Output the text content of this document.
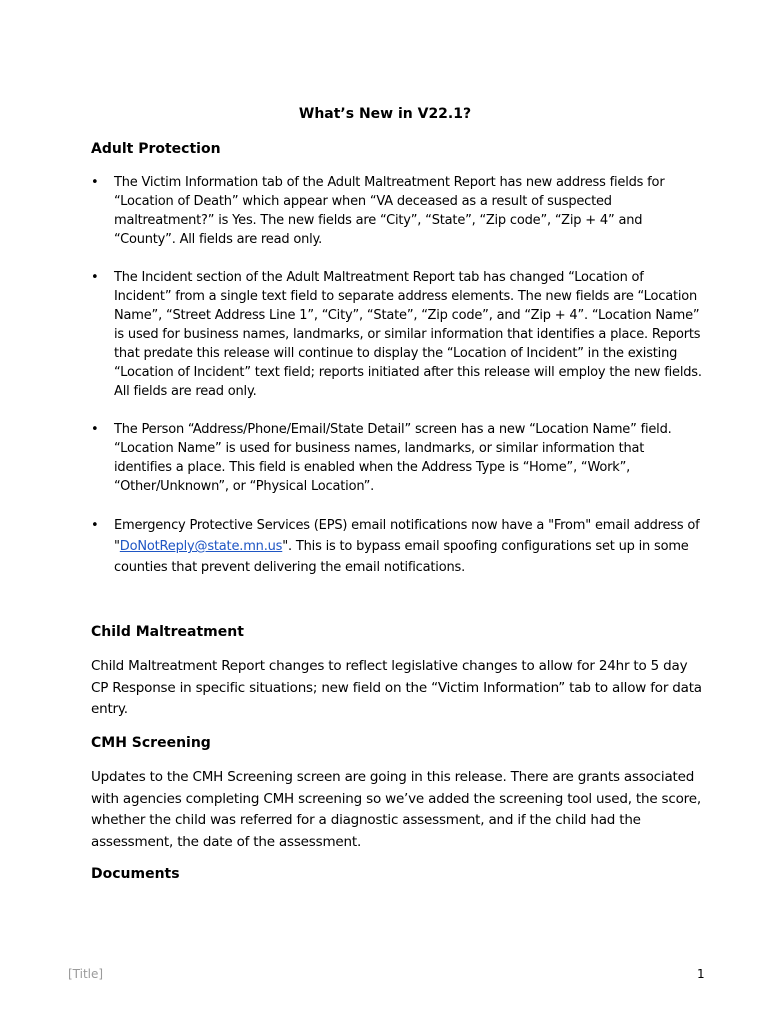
What’s New in V22.1?
Adult Protection
• The Victim Information tab of the Adult Maltreatment Report has new address fields for “Location of Death” which appear when “VA deceased as a result of suspected maltreatment?” is Yes. The new fields are “City”, “State”, “Zip code”, “Zip + 4” and “County”. All fields are read only.
• The Incident section of the Adult Maltreatment Report tab has changed “Location of Incident” from a single text field to separate address elements. The new fields are “Location Name”, “Street Address Line 1”, “City”, “State”, “Zip code”, and “Zip + 4”. “Location Name” is used for business names, landmarks, or similar information that identifies a place. Reports that predate this release will continue to display the “Location of Incident” in the existing “Location of Incident” text field; reports initiated after this release will employ the new fields. All fields are read only.
• The Person “Address/Phone/Email/State Detail” screen has a new “Location Name” field. “Location Name” is used for business names, landmarks, or similar information that identifies a place. This field is enabled when the Address Type is “Home”, “Work”, “Other/Unknown”, or “Physical Location”.
• Emergency Protective Services (EPS) email notifications now have a "From" email address of "DoNotReply@state.mn.us". This is to bypass email spoofing configurations set up in some counties that prevent delivering the email notifications.
Child Maltreatment

Child Maltreatment Report changes to reflect legislative changes to allow for 24hr to 5 day CP Response in specific situations; new field on the “Victim Information” tab to allow for data entry.

CMH Screening

Updates to the CMH Screening screen are going in this release. There are grants associated with agencies completing CMH screening so we’ve added the screening tool used, the score, whether the child was referred for a diagnostic assessment, and if the child had the assessment, the date of the assessment.

Documents
[Title]	1
